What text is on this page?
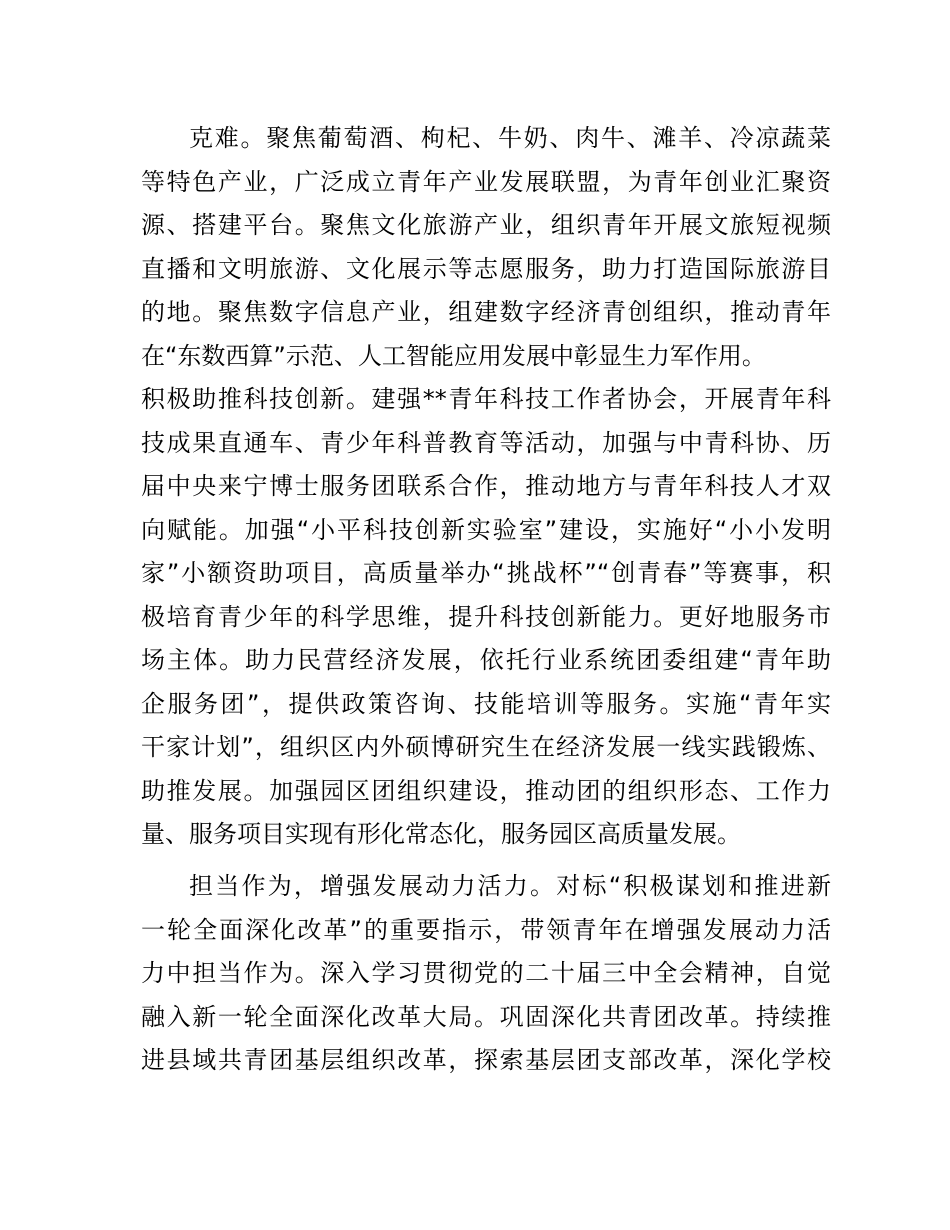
克难。聚焦葡萄酒、枸杞、牛奶、肉牛、滩羊、冷凉蔬菜
等特色产业，广泛成立青年产业发展联盟，为青年创业汇聚资
源、搭建平台。聚焦文化旅游产业，组织青年开展文旅短视频
直播和文明旅游、文化展示等志愿服务，助力打造国际旅游目
的地。聚焦数字信息产业，组建数字经济青创组织，推动青年
在“东数西算”示范、人工智能应用发展中彰显生力军作用。
积极助推科技创新。建强**青年科技工作者协会，开展青年科
技成果直通车、青少年科普教育等活动，加强与中青科协、历
届中央来宁博士服务团联系合作，推动地方与青年科技人才双
向赋能。加强“小平科技创新实验室”建设，实施好“小小发明
家”小额资助项目，高质量举办“挑战杯”“创青春”等赛事，积
极培育青少年的科学思维，提升科技创新能力。更好地服务市
场主体。助力民营经济发展，依托行业系统团委组建“青年助
企服务团”，提供政策咨询、技能培训等服务。实施“青年实
干家计划”，组织区内外硕博研究生在经济发展一线实践锻炼、
助推发展。加强园区团组织建设，推动团的组织形态、工作力
量、服务项目实现有形化常态化，服务园区高质量发展。
担当作为，增强发展动力活力。对标“积极谋划和推进新
一轮全面深化改革”的重要指示，带领青年在增强发展动力活
力中担当作为。深入学习贯彻党的二十届三中全会精神，自觉
融入新一轮全面深化改革大局。巩固深化共青团改革。持续推
进县域共青团基层组织改革，探索基层团支部改革，深化学校
